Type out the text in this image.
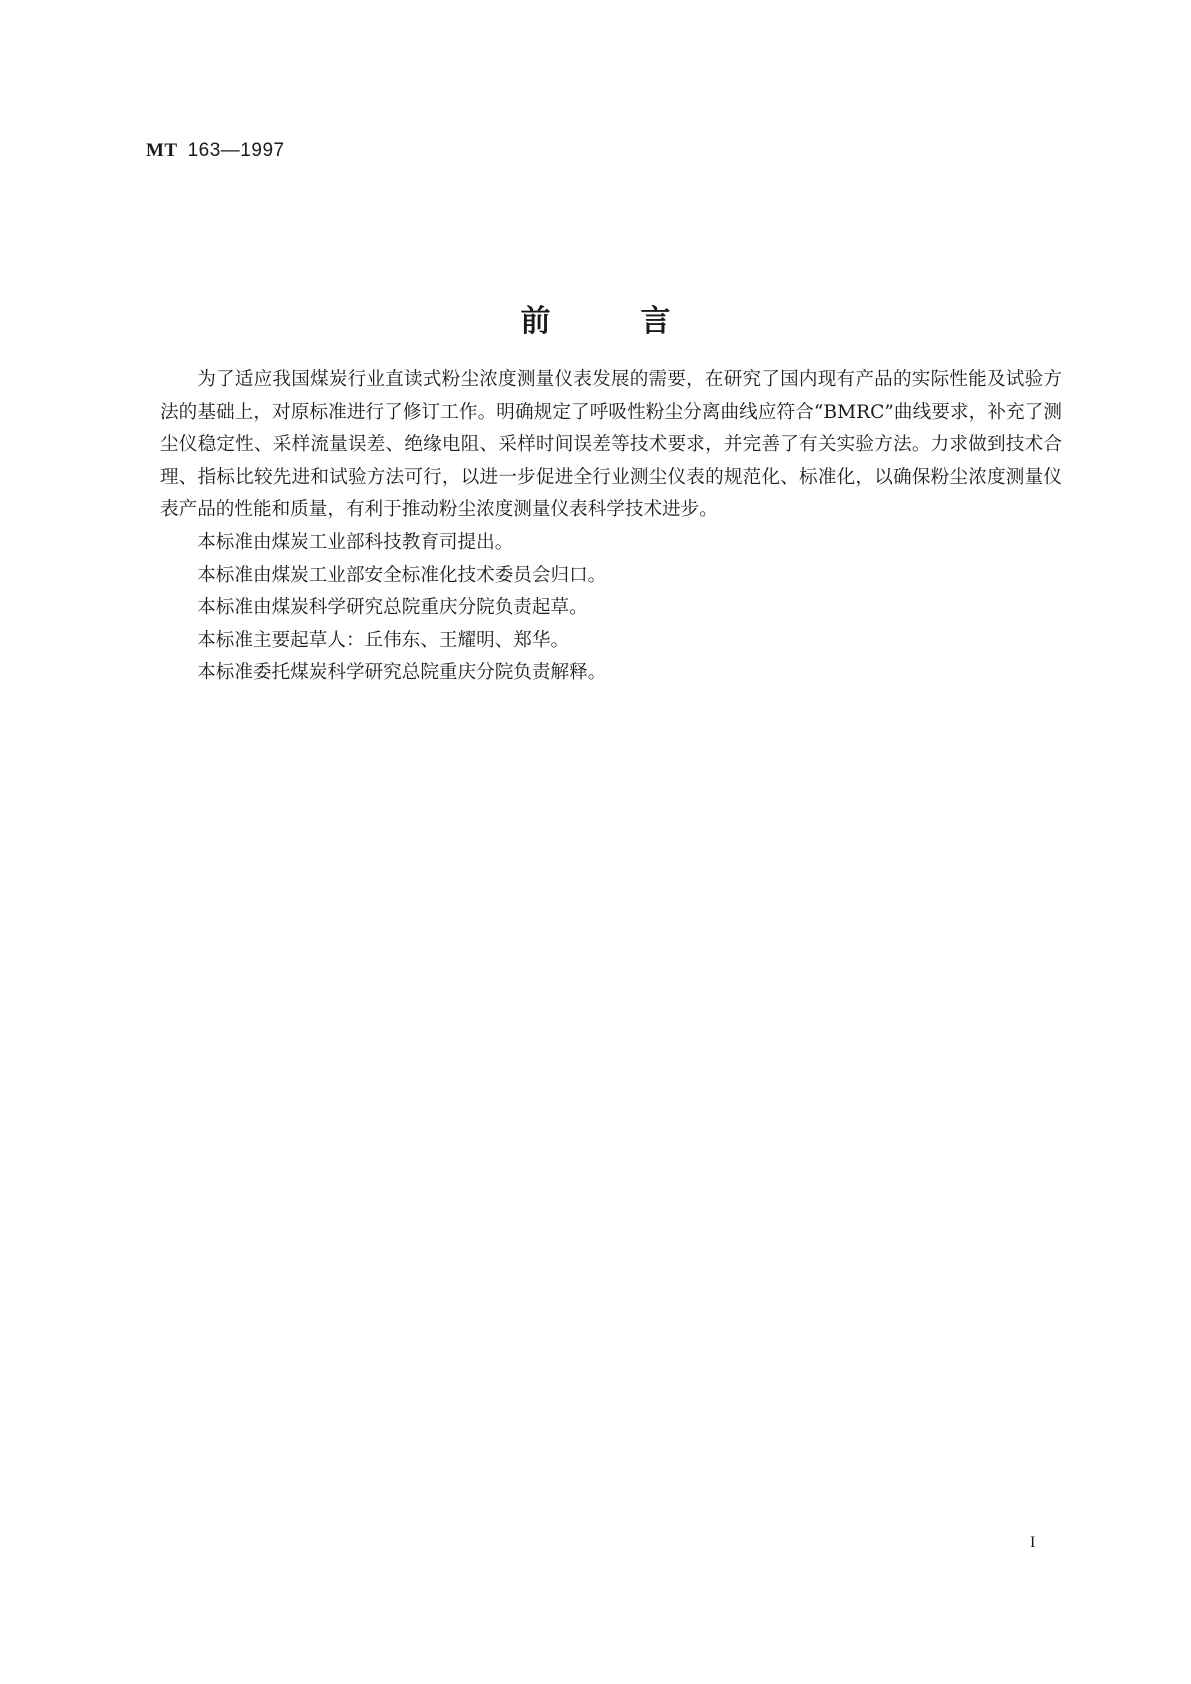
MT 163—1997
前	言

为了适应我国煤炭行业直读式粉尘浓度测量仪表发展的需要，在研究了国内现有产品的实际性能及试验方法的基础上，对原标准进行了修订工作。明确规定了呼吸性粉尘分离曲线应符合“BMRC”曲线要求，补充了测尘仪稳定性、采样流量误差、绝缘电阻、采样时间误差等技术要求，并完善了有关实验方法。力求做到技术合理、指标比较先进和试验方法可行，以进一步促进全行业测尘仪表的规范化、标准化，以确保粉尘浓度测量仪表产品的性能和质量，有利于推动粉尘浓度测量仪表科学技术进步。

本标准由煤炭工业部科技教育司提出。

本标准由煤炭工业部安全标准化技术委员会归口。

本标准由煤炭科学研究总院重庆分院负责起草。

本标准主要起草人：丘伟东、王耀明、郑华。

本标准委托煤炭科学研究总院重庆分院负责解释。

I
